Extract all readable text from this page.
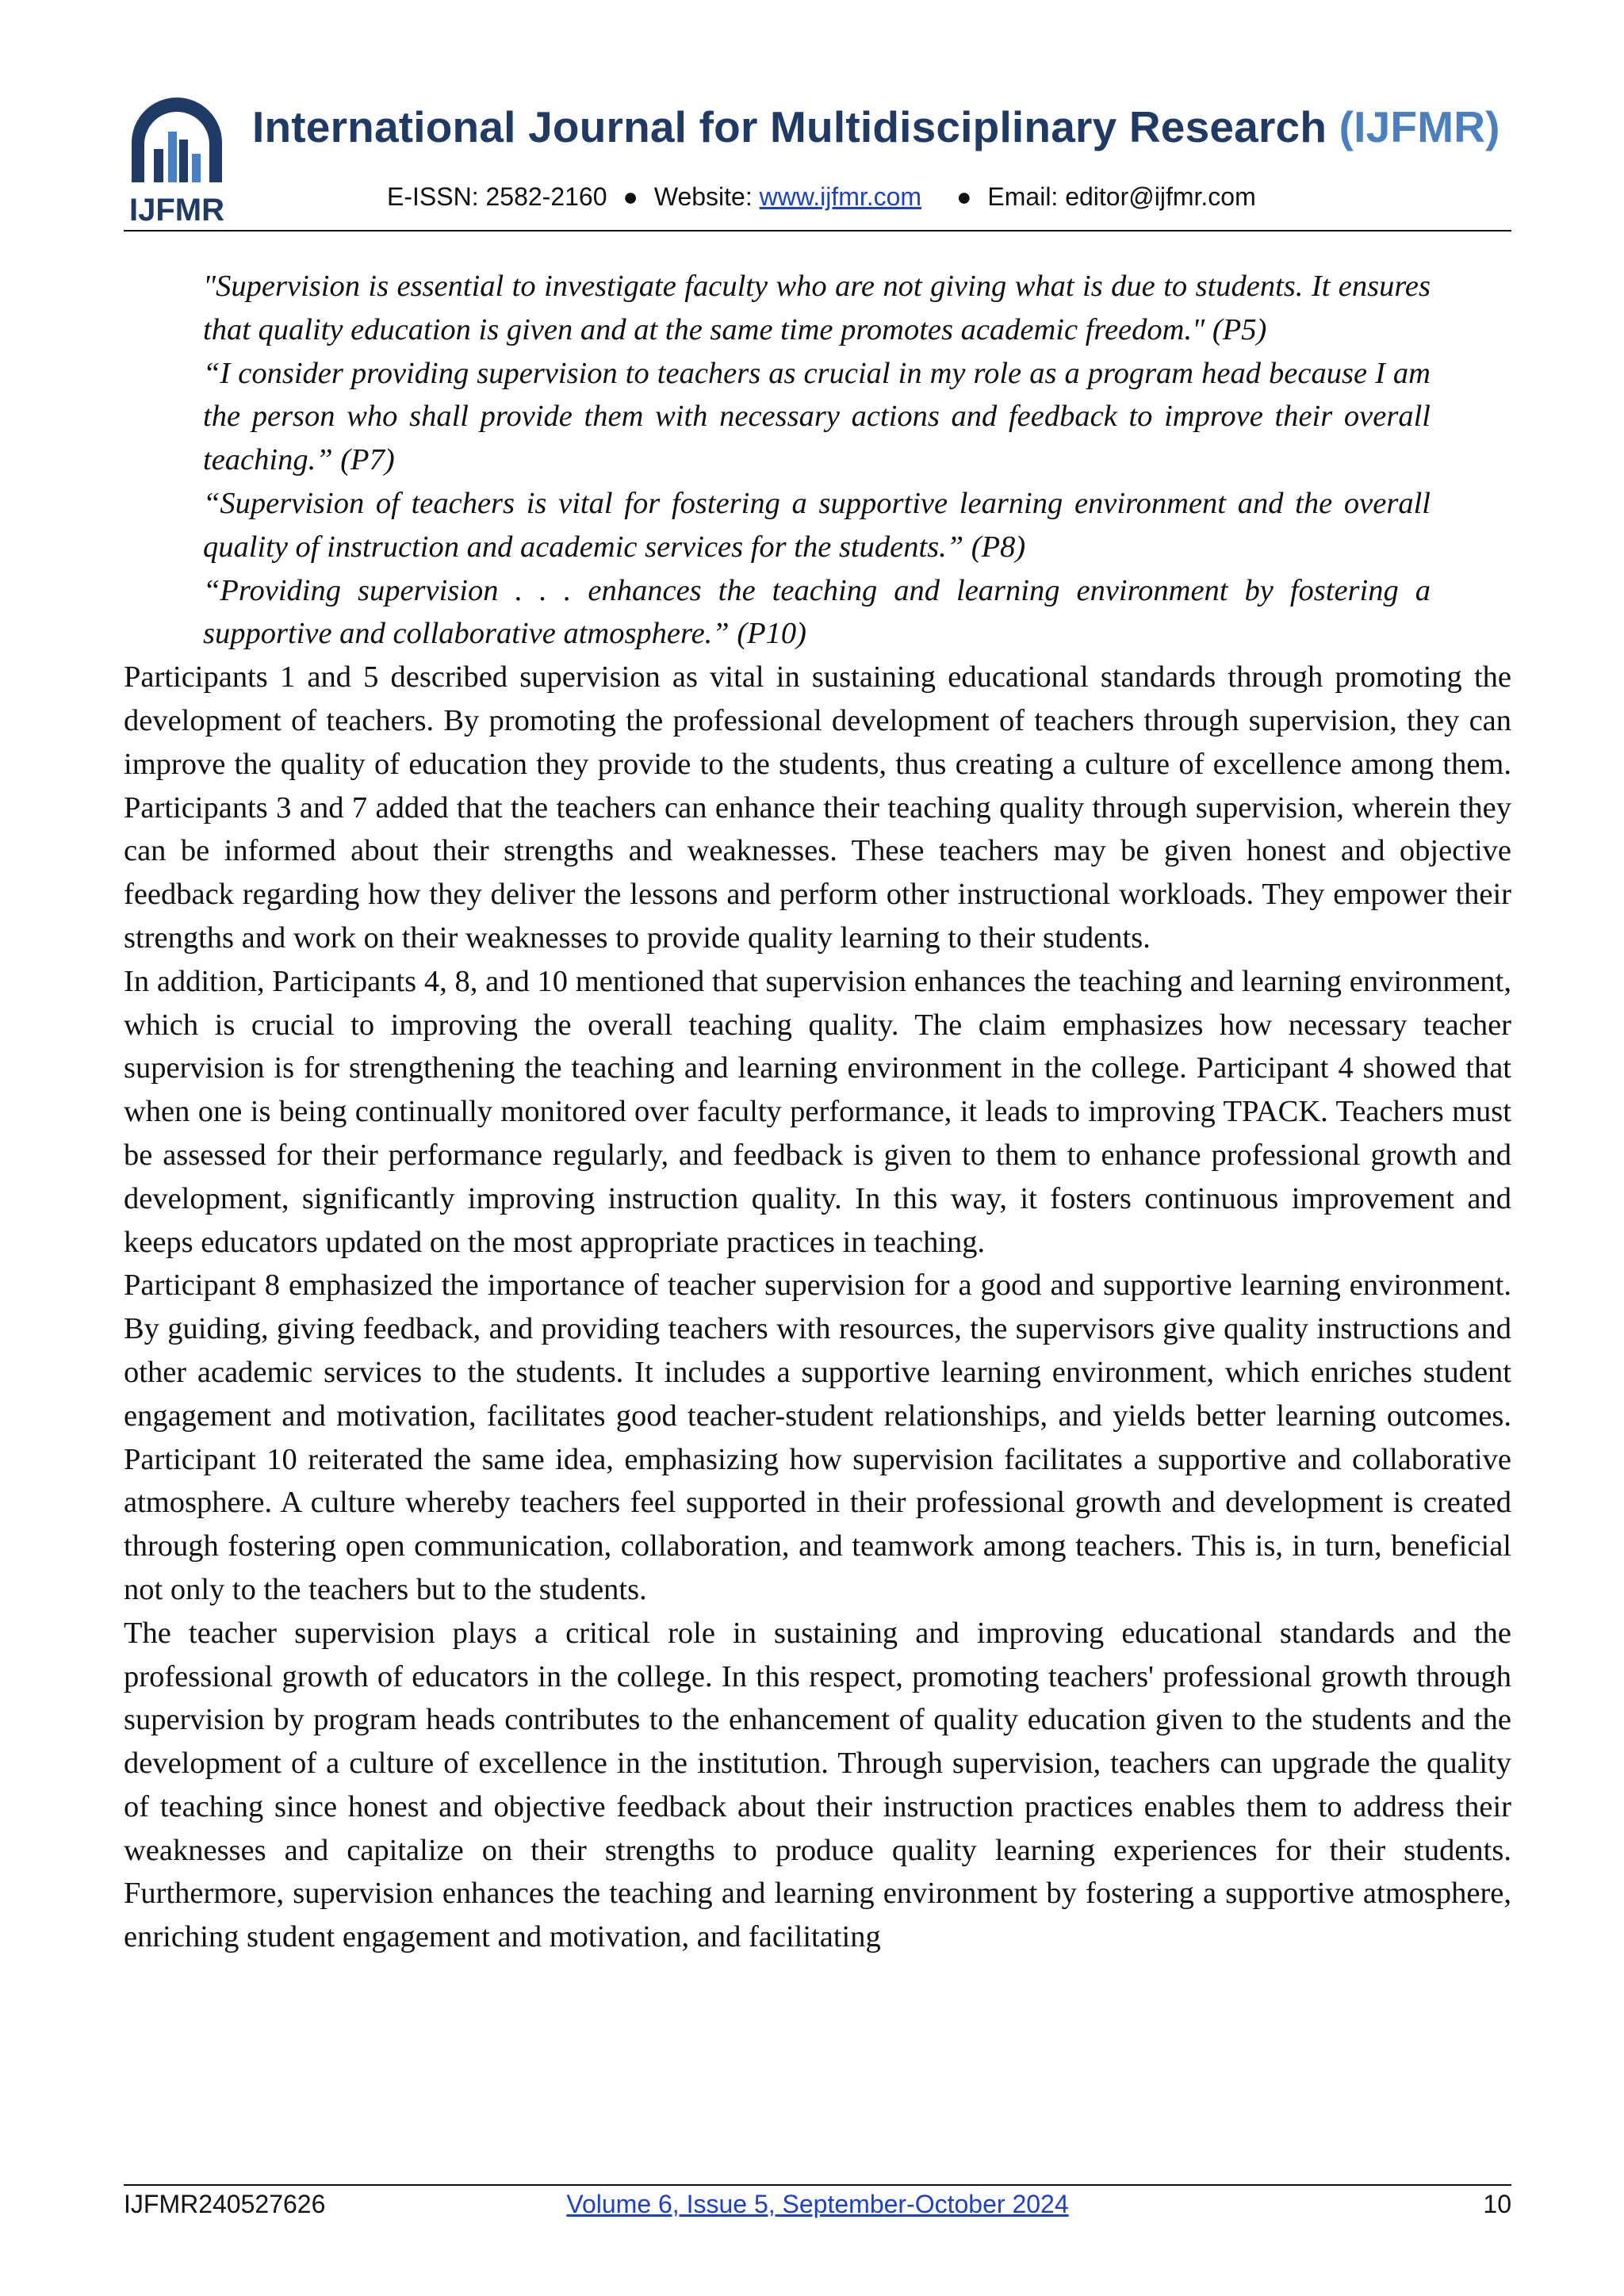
IJFMR
International Journal for Multidisciplinary Research (IJFMR)
E-ISSN: 2582-2160 ● Website: www.ijfmr.com ● Email: editor@ijfmr.com

"Supervision is essential to investigate faculty who are not giving what is due to students. It ensures that quality education is given and at the same time promotes academic freedom." (P5)

“I consider providing supervision to teachers as crucial in my role as a program head because I am the person who shall provide them with necessary actions and feedback to improve their overall teaching.” (P7)

“Supervision of teachers is vital for fostering a supportive learning environment and the overall quality of instruction and academic services for the students.” (P8)

“Providing supervision . . . enhances the teaching and learning environment by fostering a supportive and collaborative atmosphere.” (P10)

Participants 1 and 5 described supervision as vital in sustaining educational standards through promoting the development of teachers. By promoting the professional development of teachers through supervision, they can improve the quality of education they provide to the students, thus creating a culture of excellence among them. Participants 3 and 7 added that the teachers can enhance their teaching quality through supervision, wherein they can be informed about their strengths and weaknesses. These teachers may be given honest and objective feedback regarding how they deliver the lessons and perform other instructional workloads. They empower their strengths and work on their weaknesses to provide quality learning to their students.

In addition, Participants 4, 8, and 10 mentioned that supervision enhances the teaching and learning environment, which is crucial to improving the overall teaching quality. The claim emphasizes how necessary teacher supervision is for strengthening the teaching and learning environment in the college. Participant 4 showed that when one is being continually monitored over faculty performance, it leads to improving TPACK. Teachers must be assessed for their performance regularly, and feedback is given to them to enhance professional growth and development, significantly improving instruction quality. In this way, it fosters continuous improvement and keeps educators updated on the most appropriate practices in teaching.

Participant 8 emphasized the importance of teacher supervision for a good and supportive learning environment. By guiding, giving feedback, and providing teachers with resources, the supervisors give quality instructions and other academic services to the students. It includes a supportive learning environment, which enriches student engagement and motivation, facilitates good teacher-student relationships, and yields better learning outcomes. Participant 10 reiterated the same idea, emphasizing how supervision facilitates a supportive and collaborative atmosphere. A culture whereby teachers feel supported in their professional growth and development is created through fostering open communication, collaboration, and teamwork among teachers. This is, in turn, beneficial not only to the teachers but to the students.

The teacher supervision plays a critical role in sustaining and improving educational standards and the professional growth of educators in the college. In this respect, promoting teachers' professional growth through supervision by program heads contributes to the enhancement of quality education given to the students and the development of a culture of excellence in the institution. Through supervision, teachers can upgrade the quality of teaching since honest and objective feedback about their instruction practices enables them to address their weaknesses and capitalize on their strengths to produce quality learning experiences for their students. Furthermore, supervision enhances the teaching and learning environment by fostering a supportive atmosphere, enriching student engagement and motivation, and facilitating

IJFMR240527626	Volume 6, Issue 5, September-October 2024	10
